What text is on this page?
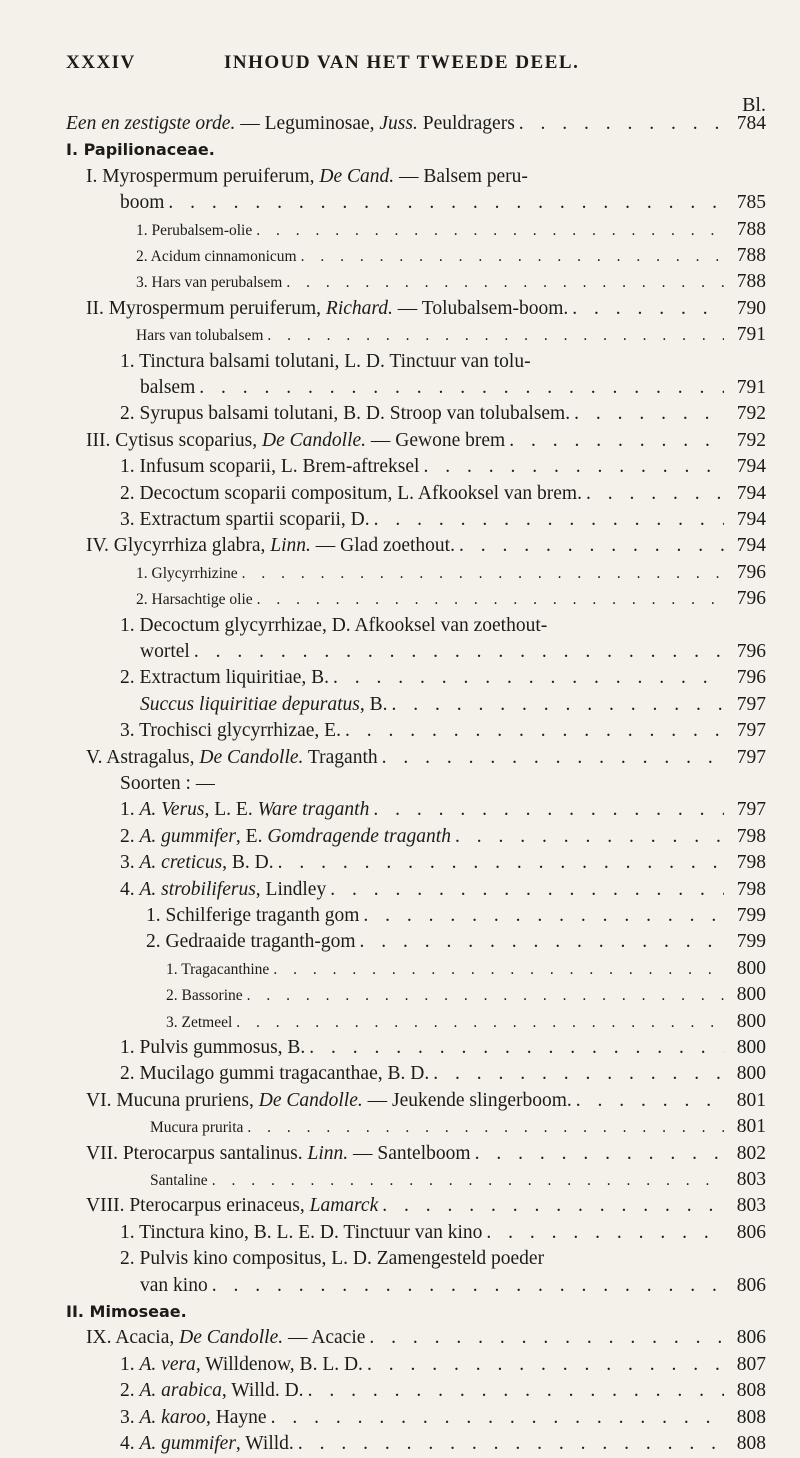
XXXIV	INHOUD VAN HET TWEEDE DEEL.
Bl.
Een en zestigste orde. — Leguminosae, Juss. Peuldragers . . .	784
I. Papilionaceae.
I. Myrospermum peruiferum, De Cand. — Balsem peru-
boom . . .	785
1. Perubalsem-olie . . .	788
2. Acidum cinnamonicum . . .	788
3. Hars van perubalsem . . .	788
II. Myrospermum peruiferum, Richard. — Tolubalsem-boom. . . .	790
Hars van tolubalsem . . .	791
1. Tinctura balsami tolutani, L. D. Tinctuur van tolu-
balsem . . .	791
2. Syrupus balsami tolutani, B. D. Stroop van tolubalsem. . . .	792
III. Cytisus scoparius, De Candolle. — Gewone brem . . .	792
1. Infusum scoparii, L. Brem-aftreksel . . .	794
2. Decoctum scoparii compositum, L. Afkooksel van brem. . . .	794
3. Extractum spartii scoparii, D. . . .	794
IV. Glycyrrhiza glabra, Linn. — Glad zoethout. . . .	794
1. Glycyrrhizine . . .	796
2. Harsachtige olie . . .	796
1. Decoctum glycyrrhizae, D. Afkooksel van zoethout-
wortel . . .	796
2. Extractum liquiritiae, B. . . .	796
Succus liquiritiae depuratus, B. . . .	797
3. Trochisci glycyrrhizae, E. . . .	797
V. Astragalus, De Candolle. Traganth . . .	797
Soorten : —
1. A. Verus, L. E. Ware traganth . . .	797
2. A. gummifer, E. Gomdragende traganth . . .	798
3. A. creticus, B. D. . . .	798
4. A. strobiliferus, Lindley . . .	798
1. Schilferige traganth gom . . .	799
2. Gedraaide traganth-gom . . .	799
1. Tragacanthine . . .	800
2. Bassorine . . .	800
3. Zetmeel . . .	800
1. Pulvis gummosus, B. . . .	800
2. Mucilago gummi tragacanthae, B. D. . . .	800
VI. Mucuna pruriens, De Candolle. — Jeukende slingerboom. . . .	801
Mucura prurita . . .	801
VII. Pterocarpus santalinus. Linn. — Santelboom . . .	802
Santaline . . .	803
VIII. Pterocarpus erinaceus, Lamarck . . .	803
1. Tinctura kino, B. L. E. D. Tinctuur van kino . . .	806
2. Pulvis kino compositus, L. D. Zamengesteld poeder
van kino . . .	806
II. Mimoseae.
IX. Acacia, De Candolle. — Acacie . . .	806
1. A. vera, Willdenow, B. L. D. . . .	807
2. A. arabica, Willd. D. . . .	808
3. A. karoo, Hayne . . .	808
4. A. gummifer, Willd. . . .	808
